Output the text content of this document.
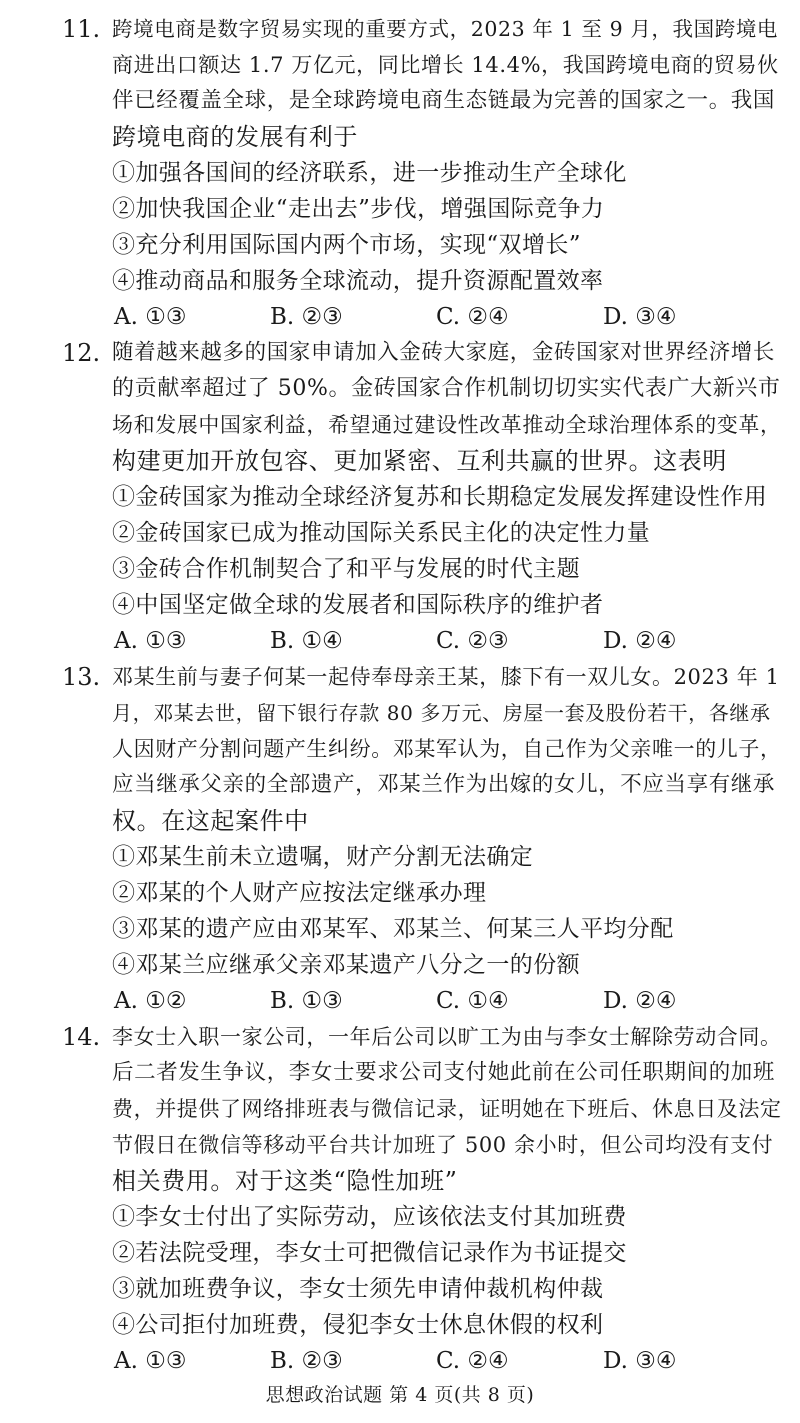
11. 跨境电商是数字贸易实现的重要方式，2023 年 1 至 9 月，我国跨境电
商进出口额达 1.7 万亿元，同比增长 14.4%，我国跨境电商的贸易伙
伴已经覆盖全球，是全球跨境电商生态链最为完善的国家之一。我国
跨境电商的发展有利于
①加强各国间的经济联系，进一步推动生产全球化
②加快我国企业“走出去”步伐，增强国际竞争力
③充分利用国际国内两个市场，实现“双增长”
④推动商品和服务全球流动，提升资源配置效率
A. ①③	B. ②③	C. ②④	D. ③④
12. 随着越来越多的国家申请加入金砖大家庭，金砖国家对世界经济增长
的贡献率超过了 50%。金砖国家合作机制切切实实代表广大新兴市
场和发展中国家利益，希望通过建设性改革推动全球治理体系的变革，
构建更加开放包容、更加紧密、互利共赢的世界。这表明
①金砖国家为推动全球经济复苏和长期稳定发展发挥建设性作用
②金砖国家已成为推动国际关系民主化的决定性力量
③金砖合作机制契合了和平与发展的时代主题
④中国坚定做全球的发展者和国际秩序的维护者
A. ①③	B. ①④	C. ②③	D. ②④
13. 邓某生前与妻子何某一起侍奉母亲王某，膝下有一双儿女。2023 年 1
月，邓某去世，留下银行存款 80 多万元、房屋一套及股份若干，各继承
人因财产分割问题产生纠纷。邓某军认为，自己作为父亲唯一的儿子，
应当继承父亲的全部遗产，邓某兰作为出嫁的女儿，不应当享有继承
权。在这起案件中
①邓某生前未立遗嘱，财产分割无法确定
②邓某的个人财产应按法定继承办理
③邓某的遗产应由邓某军、邓某兰、何某三人平均分配
④邓某兰应继承父亲邓某遗产八分之一的份额
A. ①②	B. ①③	C. ①④	D. ②④
14. 李女士入职一家公司，一年后公司以旷工为由与李女士解除劳动合同。
后二者发生争议，李女士要求公司支付她此前在公司任职期间的加班
费，并提供了网络排班表与微信记录，证明她在下班后、休息日及法定
节假日在微信等移动平台共计加班了 500 余小时，但公司均没有支付
相关费用。对于这类“隐性加班”
①李女士付出了实际劳动，应该依法支付其加班费
②若法院受理，李女士可把微信记录作为书证提交
③就加班费争议，李女士须先申请仲裁机构仲裁
④公司拒付加班费，侵犯李女士休息休假的权利
A. ①③	B. ②③	C. ②④	D. ③④
思想政治试题 第 4 页(共 8 页)
